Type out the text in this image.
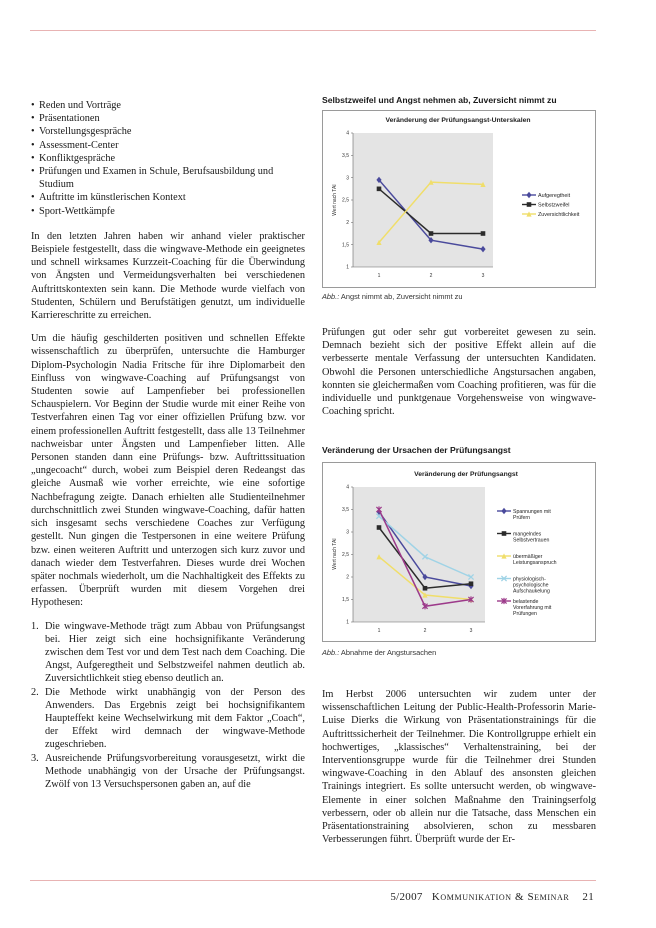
• Reden und Vorträge
• Präsentationen
• Vorstellungsgespräche
• Assessment-Center
• Konfliktgespräche
• Prüfungen und Examen in Schule, Berufsausbildung und Studium
• Auftritte im künstlerischen Kontext
• Sport-Wettkämpfe

In den letzten Jahren haben wir anhand vieler praktischer Beispiele festgestellt, dass die wingwave-Methode ein geeignetes und schnell wirksames Kurzzeit-Coaching für die Überwindung von Ängsten und Vermeidungsverhalten bei verschiedenen Auftrittskontexten sein kann. Die Methode wurde vielfach von Studenten, Schülern und Berufstätigen genutzt, um individuelle Karriereschritte zu erreichen.

Um die häufig geschilderten positiven und schnellen Effekte wissenschaftlich zu überprüfen, untersuchte die Hamburger Diplom-Psychologin Nadia Fritsche für ihre Diplomarbeit den Einfluss von wingwave-Coaching auf Prüfungsangst von Studenten sowie auf Lampenfieber bei professionellen Schauspielern. Vor Beginn der Studie wurde mit einer Reihe von Testverfahren einen Tag vor einer offiziellen Prüfung bzw. vor einem professionellen Auftritt festgestellt, dass alle 13 Teilnehmer nachweisbar unter Ängsten und Lampenfieber litten. Alle Personen standen dann eine Prüfungs- bzw. Auftrittssituation „ungecoacht“ durch, wobei zum Beispiel deren Redeangst das gleiche Ausmaß wie vorher erreichte, wie eine sofortige Nachbefragung zeigte. Danach erhielten alle Studienteilnehmer durchschnittlich zwei Stunden wingwave-Coaching, dafür hatten sich insgesamt sechs verschiedene Coaches zur Verfügung gestellt. Nun gingen die Testpersonen in eine weitere Prüfung bzw. einen weiteren Auftritt und unterzogen sich kurz zuvor und danach wieder dem Testverfahren. Dieses wurde drei Wochen später nochmals wiederholt, um die Nachhaltigkeit des Effekts zu erfassen. Überprüft wurden mit diesem Vorgehen drei Hypothesen:

1. Die wingwave-Methode trägt zum Abbau von Prüfungsangst bei. Hier zeigt sich eine hochsignifikante Veränderung zwischen dem Test vor und dem Test nach dem Coaching. Die Angst, Aufgeregtheit und Selbstzweifel nahmen deutlich ab. Zuversichtlichkeit stieg ebenso deutlich an.
2. Die Methode wirkt unabhängig von der Person des Anwenders. Das Ergebnis zeigt bei hochsignifikantem Haupteffekt keine Wechselwirkung mit dem Faktor „Coach“, der Effekt wird demnach der wingwave-Methode zugeschrieben.
3. Ausreichende Prüfungsvorbereitung vorausgesetzt, wirkt die Methode unabhängig von der Ursache der Prüfungsangst. Zwölf von 13 Versuchspersonen gaben an, auf die
Selbstzweifel und Angst nehmen ab, Zuversicht nimmt zu
Veränderung der Prüfungsangst-Unterskalen
Wert nach TAI
1
1,5
2
2,5
3
3,5
4
1	2	3
Aufgeregtheit
Selbstzweifel
Zuversichtlichkeit
Abb.: Angst nimmt ab, Zuversicht nimmt zu

Prüfungen gut oder sehr gut vorbereitet gewesen zu sein. Demnach bezieht sich der positive Effekt allein auf die verbesserte mentale Verfassung der untersuchten Kandidaten. Obwohl die Personen unterschiedliche Angstursachen angaben, konnten sie gleichermaßen vom Coaching profitieren, was für die individuelle und punktgenaue Vorgehensweise von wingwave-Coaching spricht.

Veränderung der Ursachen der Prüfungsangst
Veränderung der Prüfungsangst
Wert nach TAI
1
1,5
2
2,5
3
3,5
4
1	2	3
Spannungen mit Prüfern
mangelndes Selbstvertrauen
übermäßiger Leistungsanspruch
physiologisch-psychologische Aufschaukelung
belastende Vorerfahrung mit Prüfungen
Abb.: Abnahme der Angstursachen

Im Herbst 2006 untersuchten wir zudem unter der wissenschaftlichen Leitung der Public-Health-Professorin Marie-Luise Dierks die Wirkung von Präsentationstrainings für die Auftrittssicherheit der Teilnehmer. Die Kontrollgruppe erhielt ein hochwertiges, „klassisches“ Verhaltenstraining, bei der Interventionsgruppe wurde für die Teilnehmer drei Stunden wingwave-Coaching in den Ablauf des ansonsten gleichen Trainings integriert. Es sollte untersucht werden, ob wingwave-Elemente in einer solchen Maßnahme den Trainingserfolg verbessern, oder ob allein nur die Tatsache, dass Menschen ein Präsentationstraining absolvieren, schon zu messbaren Verbesserungen führt. Überprüft wurde der Er-

5/2007 Kommunikation & Seminar 21
